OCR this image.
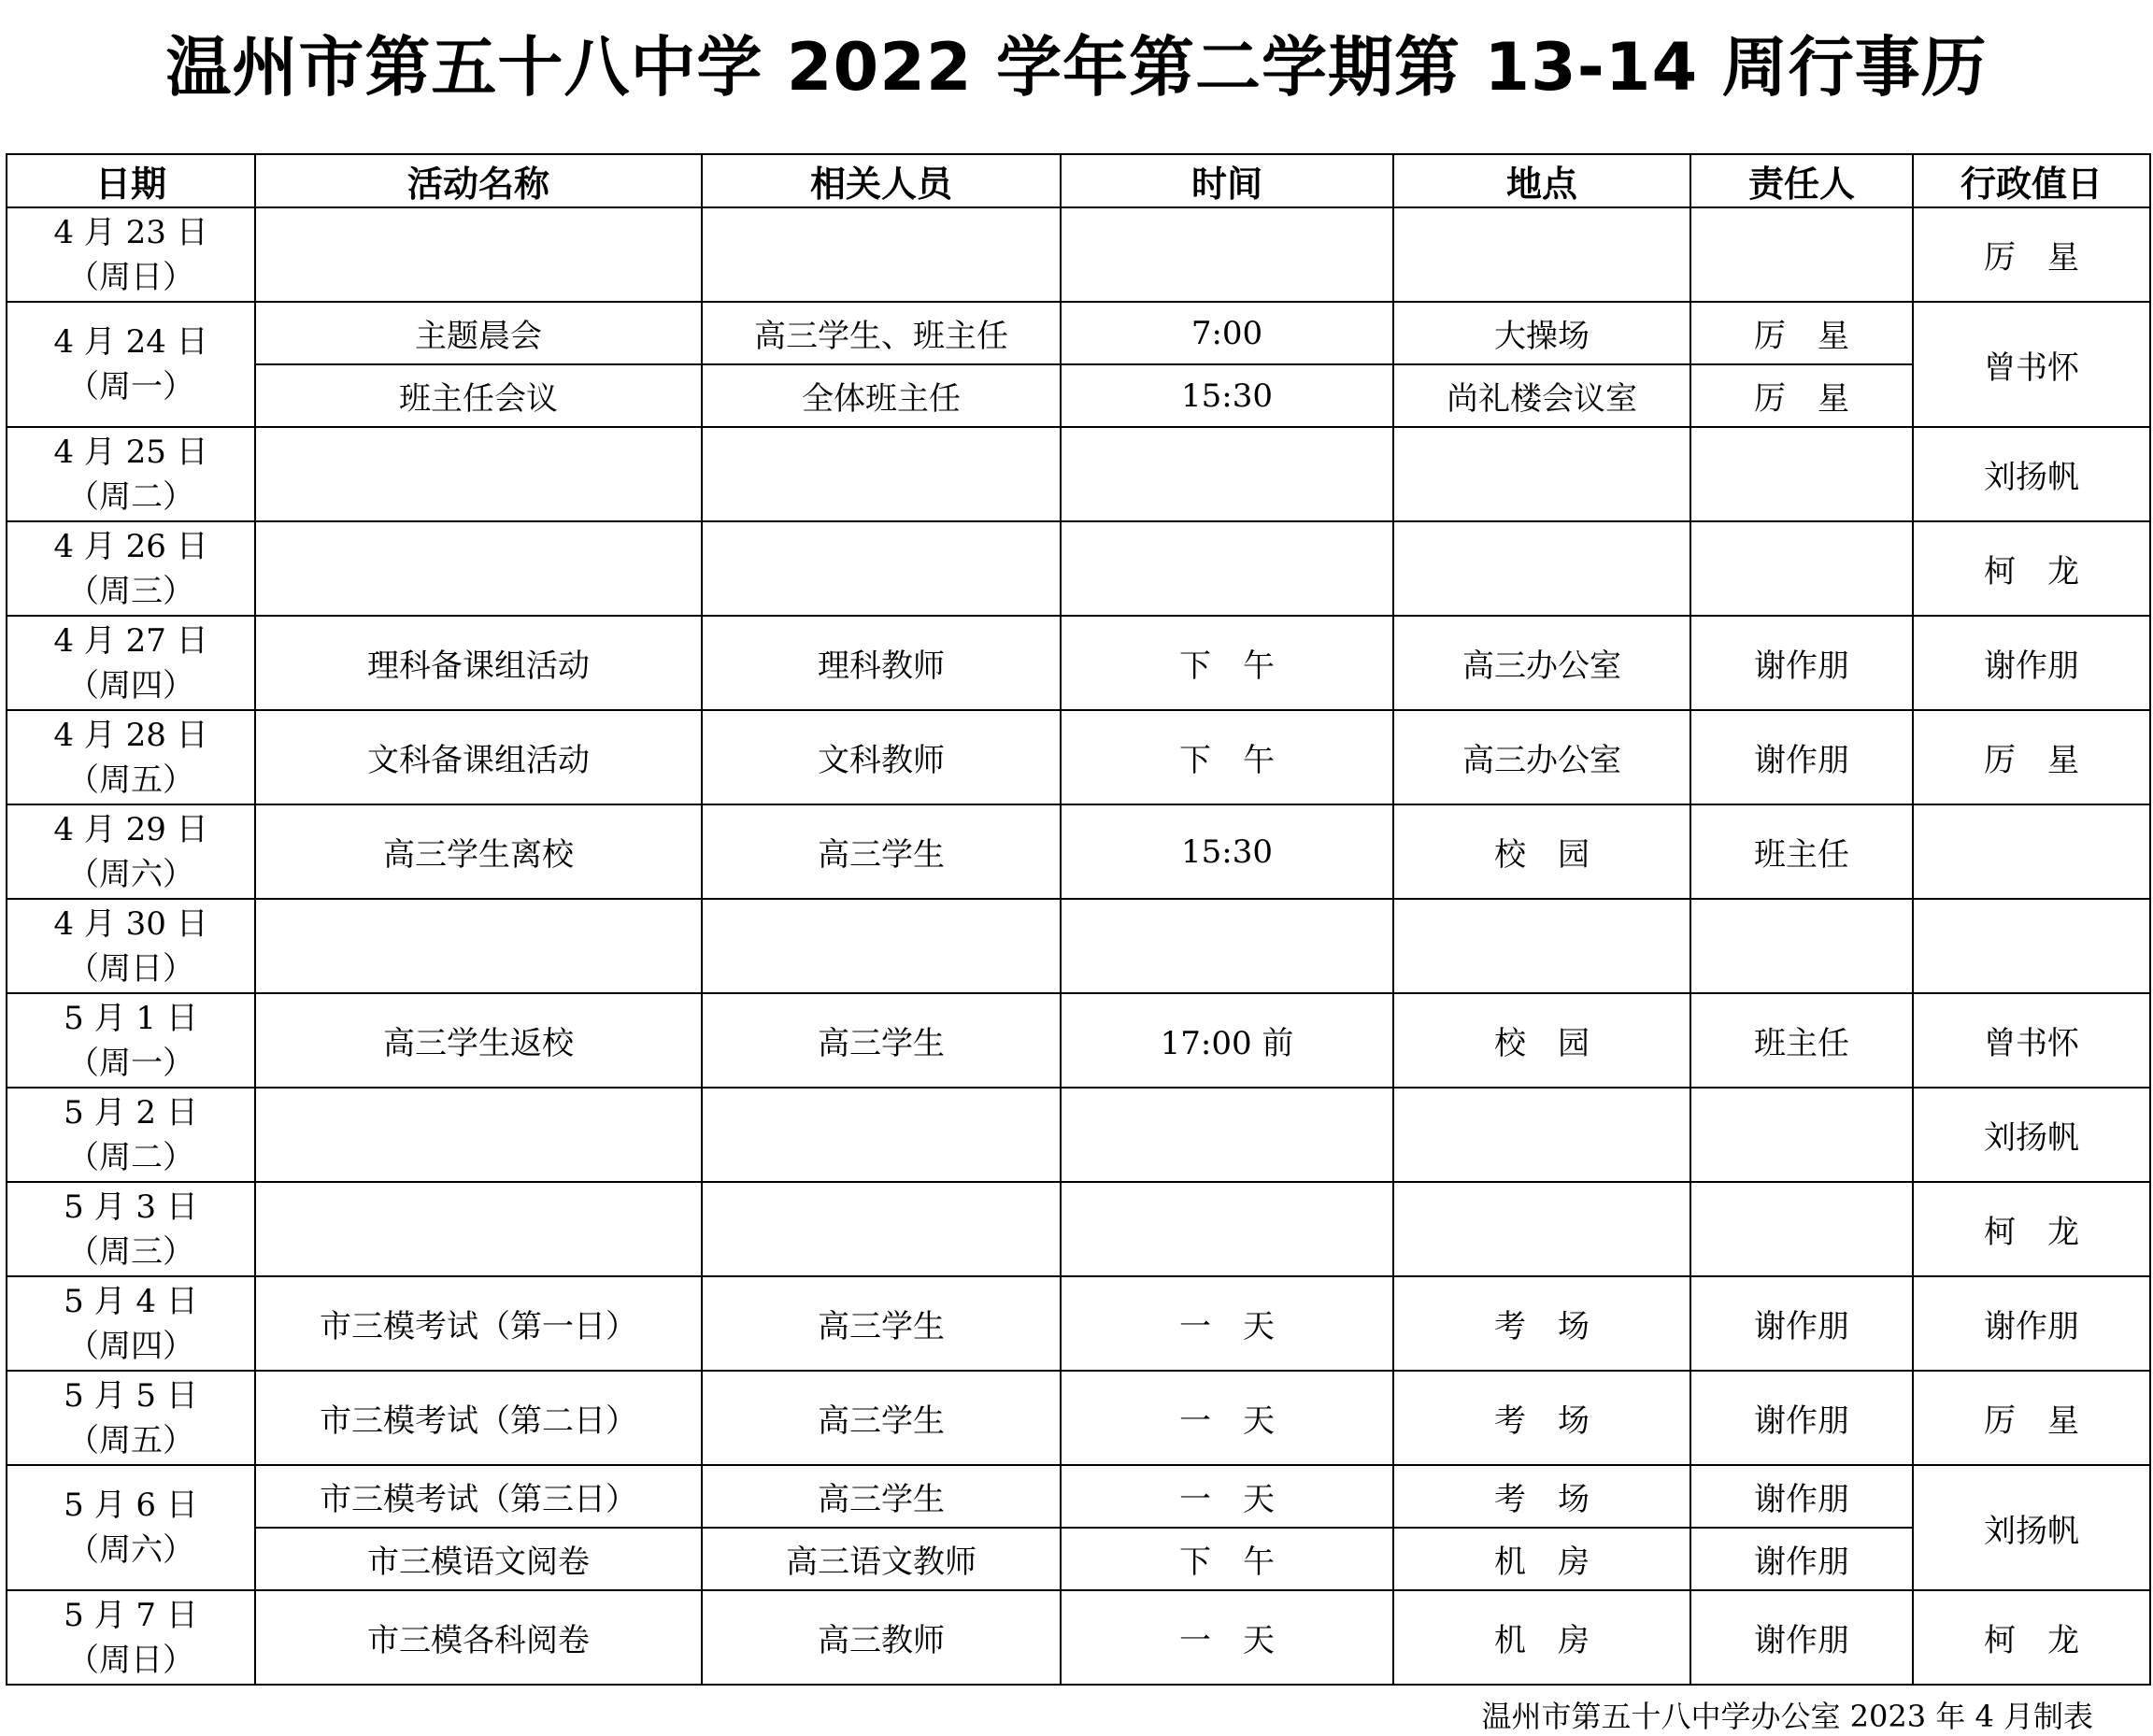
温州市第五十八中学 2022 学年第二学期第 13-14 周行事历
日期	活动名称	相关人员	时间	地点	责任人	行政值日

4 月 23 日
（周日）						厉　星

4 月 24 日
（周一）	主题晨会	高三学生、班主任	7:00	大操场	厉　星	曾书怀
	班主任会议	全体班主任	15:30	尚礼楼会议室	厉　星	

4 月 25 日
（周二）						刘扬帆

4 月 26 日
（周三）						柯　龙

4 月 27 日
（周四）	理科备课组活动	理科教师	下　午	高三办公室	谢作朋	谢作朋

4 月 28 日
（周五）	文科备课组活动	文科教师	下　午	高三办公室	谢作朋	厉　星

4 月 29 日
（周六）	高三学生离校	高三学生	15:30	校　园	班主任	

4 月 30 日
（周日）						

5 月 1 日
（周一）	高三学生返校	高三学生	17:00 前	校　园	班主任	曾书怀

5 月 2 日
（周二）						刘扬帆

5 月 3 日
（周三）						柯　龙

5 月 4 日
（周四）	市三模考试（第一日）	高三学生	一　天	考　场	谢作朋	谢作朋

5 月 5 日
（周五）	市三模考试（第二日）	高三学生	一　天	考　场	谢作朋	厉　星

5 月 6 日
（周六）	市三模考试（第三日）	高三学生	一　天	考　场	谢作朋	刘扬帆
	市三模语文阅卷	高三语文教师	下　午	机　房	谢作朋	

5 月 7 日
（周日）	市三模各科阅卷	高三教师	一　天	机　房	谢作朋	柯　龙
温州市第五十八中学办公室 2023 年 4 月制表
